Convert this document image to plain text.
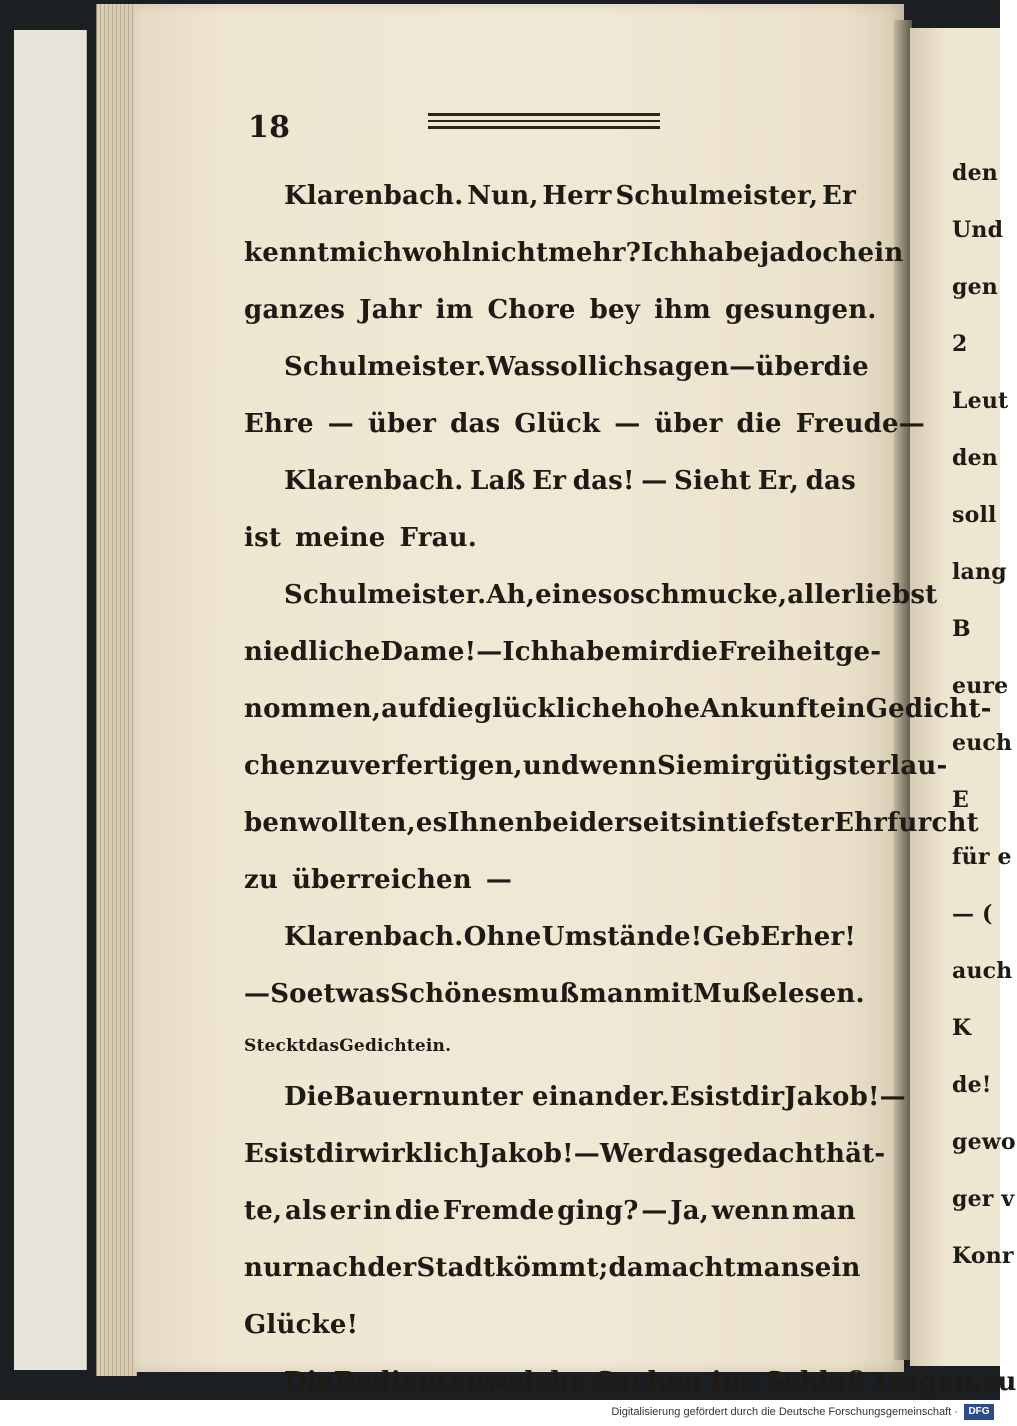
den
Und
gen
2
Leut
den
soll
lang
B
eure
euch
E
für e
— (
auch
K
de!
gewo
ger v
Konr
18
Klarenbach. Nun, Herr Schulmeister, Er
kennt mich wohl nicht mehr? Ich habe ja doch ein
ganzes Jahr im Chore bey ihm gesungen.
Schulmeister. Was soll ich sagen — über die
Ehre — über das Glück — über die Freude—
Klarenbach. Laß Er das! — Sieht Er, das
ist meine Frau.
Schulmeister. Ah, eine so schmucke, allerliebst
niedliche Dame! — Ich habe mir die Freiheit ge-
nommen, auf die glückliche hohe Ankunft ein Gedicht-
chen zu verfertigen, und wenn Sie mir gütigst erlau-
ben wollten, es Ihnen beiderseits in tiefster Ehrfurcht
zu überreichen —
Klarenbach. Ohne Umstände! Geb Er her!
— So etwas Schönes muß man mit Muße lesen.
Steckt das Gedicht ein.
Die Bauern unter einander. Es ist dir Jakob!—
Es ist dir wirklich Jakob! — Wer das gedacht hät-
te, als er in die Fremde ging? — Ja, wenn man
nur nach der Stadt kömmt; da macht man sein
Glücke!
Die Bedienten welche Sachen ins Schloß tragen, zu
Digitalisierung gefördert durch die Deutsche Forschungsgemeinschaft ·	DFG
